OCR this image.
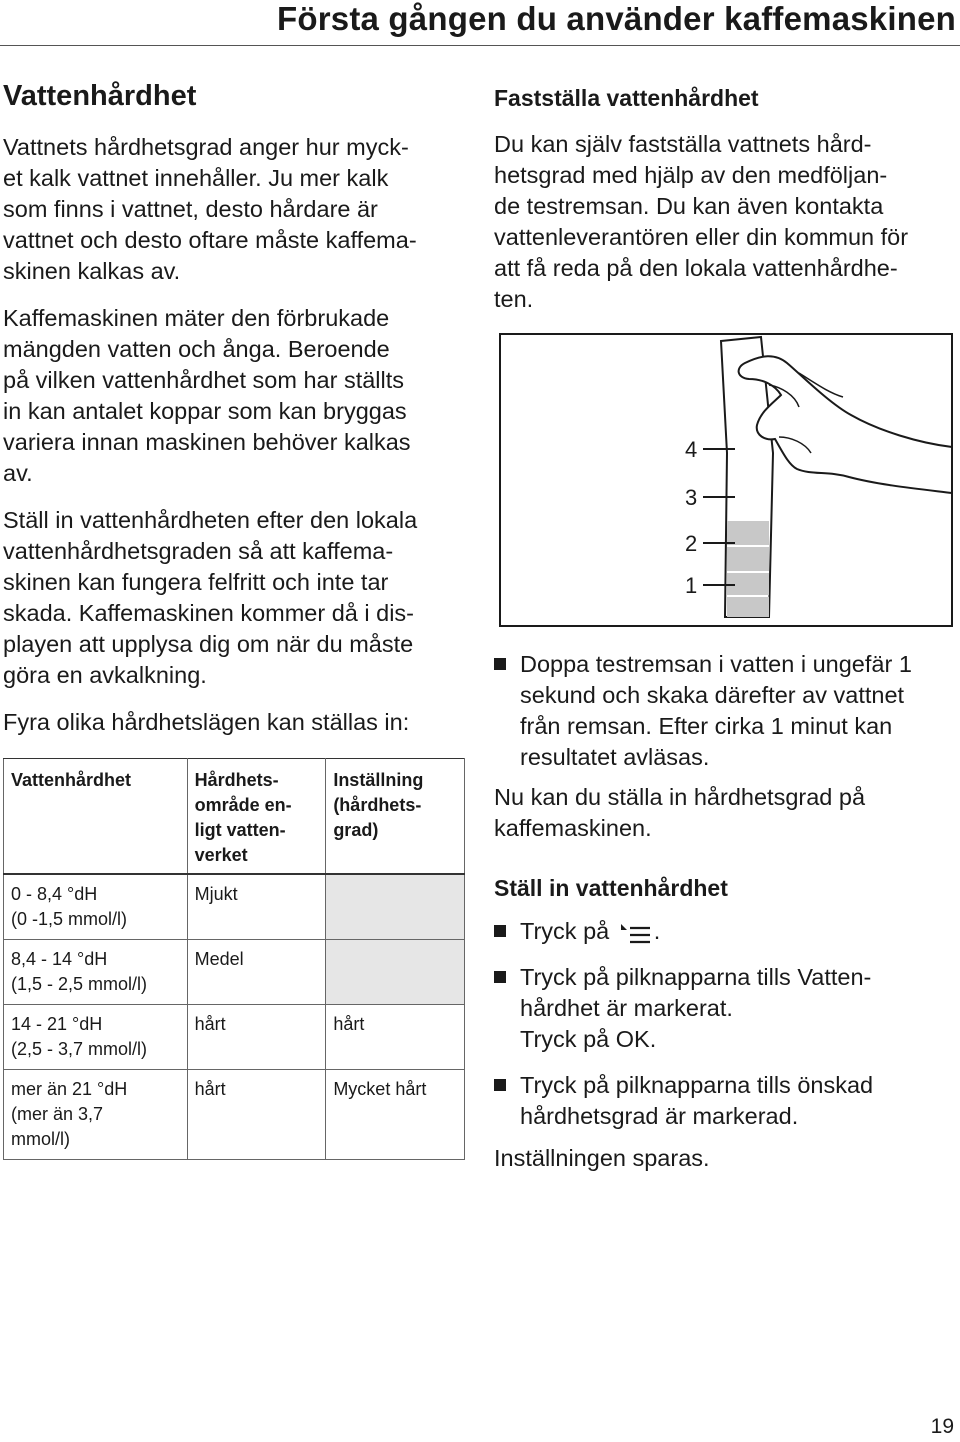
Första gången du använder kaffemaskinen
Vattenhårdhet
Vattnets hårdhetsgrad anger hur myck-
et kalk vattnet innehåller. Ju mer kalk
som finns i vattnet, desto hårdare är
vattnet och desto oftare måste kaffema-
skinen kalkas av.
Kaffemaskinen mäter den förbrukade
mängden vatten och ånga. Beroende
på vilken vattenhårdhet som har ställts
in kan antalet koppar som kan bryggas
variera innan maskinen behöver kalkas
av.
Ställ in vattenhårdheten efter den lokala
vattenhårdhetsgraden så att kaffema-
skinen kan fungera felfritt och inte tar
skada. Kaffemaskinen kommer då i dis-
playen att upplysa dig om när du måste
göra en avkalkning.
Fyra olika hårdhetslägen kan ställas in:
Vattenhårdhet	Hårdhets-
område en-
ligt vatten-
verket	Inställning
(hårdhets-
grad)

0 - 8,4 °dH
(0 -1,5 mmol/l)	Mjukt	

8,4 - 14 °dH
(1,5 - 2,5 mmol/l)	Medel	

14 - 21 °dH
(2,5 - 3,7 mmol/l)	hårt	hårt

mer än 21 °dH
(mer än 3,7
mmol/l)	hårt	Mycket hårt
Fastställa vattenhårdhet
Du kan själv fastställa vattnets hård-
hetsgrad med hjälp av den medföljan-
de testremsan. Du kan även kontakta
vattenleverantören eller din kommun för
att få reda på den lokala vattenhårdhe-
ten.
4
3
2
1
Doppa testremsan i vatten i ungefär 1
sekund och skaka därefter av vattnet
från remsan. Efter cirka 1 minut kan
resultatet avläsas.
Nu kan du ställa in hårdhetsgrad på
kaffemaskinen.
Ställ in vattenhårdhet
Tryck på .
Tryck på pilknapparna tills Vatten-
hårdhet är markerat.
Tryck på OK.
Tryck på pilknapparna tills önskad
hårdhetsgrad är markerad.
Inställningen sparas.
19
